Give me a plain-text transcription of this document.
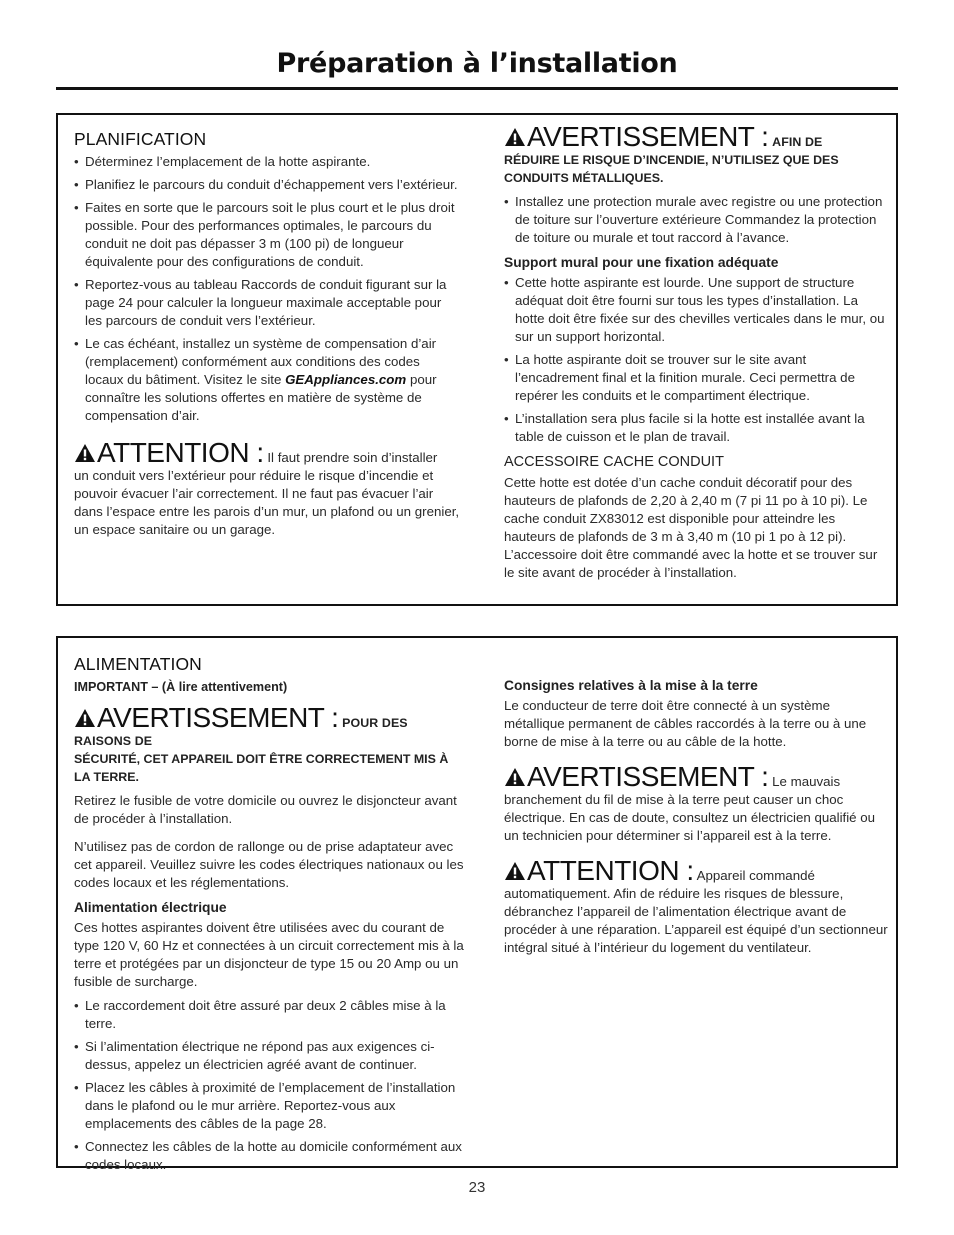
Préparation à l’installation
PLANIFICATION
• Déterminez l’emplacement de la hotte aspirante.
• Planifiez le parcours du conduit d’échappement vers l’extérieur.
• Faites en sorte que le parcours soit le plus court et le plus droit possible. Pour des performances optimales, le parcours du conduit ne doit pas dépasser 3 m (100 pi) de longueur équivalente pour des configurations de conduit.
• Reportez-vous au tableau Raccords de conduit figurant sur la page 24 pour calculer la longueur maximale acceptable pour les parcours de conduit vers l’extérieur.
• Le cas échéant, installez un système de compensation d’air (remplacement) conformément aux conditions des codes locaux du bâtiment. Visitez le site GEAppliances.com pour connaître les solutions offertes en matière de système de compensation d’air.

ATTENTION : Il faut prendre soin d’installer

un conduit vers l’extérieur pour réduire le risque d’incendie et pouvoir évacuer l’air correctement. Il ne faut pas évacuer l’air dans l’espace entre les parois d’un mur, un plafond ou un grenier, un espace sanitaire ou un garage.

AVERTISSEMENT : AFIN DE

RÉDUIRE LE RISQUE D’INCENDIE, N’UTILISEZ QUE DES CONDUITS MÉTALLIQUES.

• Installez une protection murale avec registre ou une protection de toiture sur l’ouverture extérieure Commandez la protection de toiture ou murale et tout raccord à l’avance.
Support mural pour une fixation adéquate
• Cette hotte aspirante est lourde. Une support de structure adéquat doit être fourni sur tous les types d’installation. La hotte doit être fixée sur des chevilles verticales dans le mur, ou sur un support horizontal.
• La hotte aspirante doit se trouver sur le site avant l’encadrement final et la finition murale. Ceci permettra de repérer les conduits et le compartiment électrique.
• L’installation sera plus facile si la hotte est installée avant la table de cuisson et le plan de travail.
ACCESSOIRE CACHE CONDUIT

Cette hotte est dotée d’un cache conduit décoratif pour des hauteurs de plafonds de 2,20 à 2,40 m (7 pi 11 po à 10 pi). Le cache conduit ZX83012 est disponible pour atteindre les hauteurs de plafonds de 3 m à 3,40 m (10 pi 1 po à 12 pi). L’accessoire doit être commandé avec la hotte et se trouver sur le site avant de procéder à l’installation.

ALIMENTATION

IMPORTANT – (À lire attentivement)

AVERTISSEMENT : POUR DES RAISONS DE

SÉCURITÉ, CET APPAREIL DOIT ÊTRE CORRECTEMENT MIS À LA TERRE.

Retirez le fusible de votre domicile ou ouvrez le disjoncteur avant de procéder à l’installation.

N’utilisez pas de cordon de rallonge ou de prise adaptateur avec cet appareil. Veuillez suivre les codes électriques nationaux ou les codes locaux et les réglementations.

Alimentation électrique

Ces hottes aspirantes doivent être utilisées avec du courant de type 120 V, 60 Hz et connectées à un circuit correctement mis à la terre et protégées par un disjoncteur de type 15 ou 20 Amp ou un fusible de surcharge.

• Le raccordement doit être assuré par deux 2 câbles mise à la terre.
• Si l’alimentation électrique ne répond pas aux exigences ci-dessus, appelez un électricien agréé avant de continuer.
• Placez les câbles à proximité de l’emplacement de l’installation dans le plafond ou le mur arrière. Reportez-vous aux emplacements des câbles de la page 28.
• Connectez les câbles de la hotte au domicile conformément aux codes locaux.
Consignes relatives à la mise à la terre

Le conducteur de terre doit être connecté à un système métallique permanent de câbles raccordés à la terre ou à une borne de mise à la terre ou au câble de la hotte.

AVERTISSEMENT : Le mauvais

branchement du fil de mise à la terre peut causer un choc électrique. En cas de doute, consultez un électricien qualifié ou un technicien pour déterminer si l’appareil est à la terre.

ATTENTION : Appareil commandé

automatiquement. Afin de réduire les risques de blessure, débranchez l’appareil de l’alimentation électrique avant de procéder à une réparation. L’appareil est équipé d’un sectionneur intégral situé à l’intérieur du logement du ventilateur.

23
